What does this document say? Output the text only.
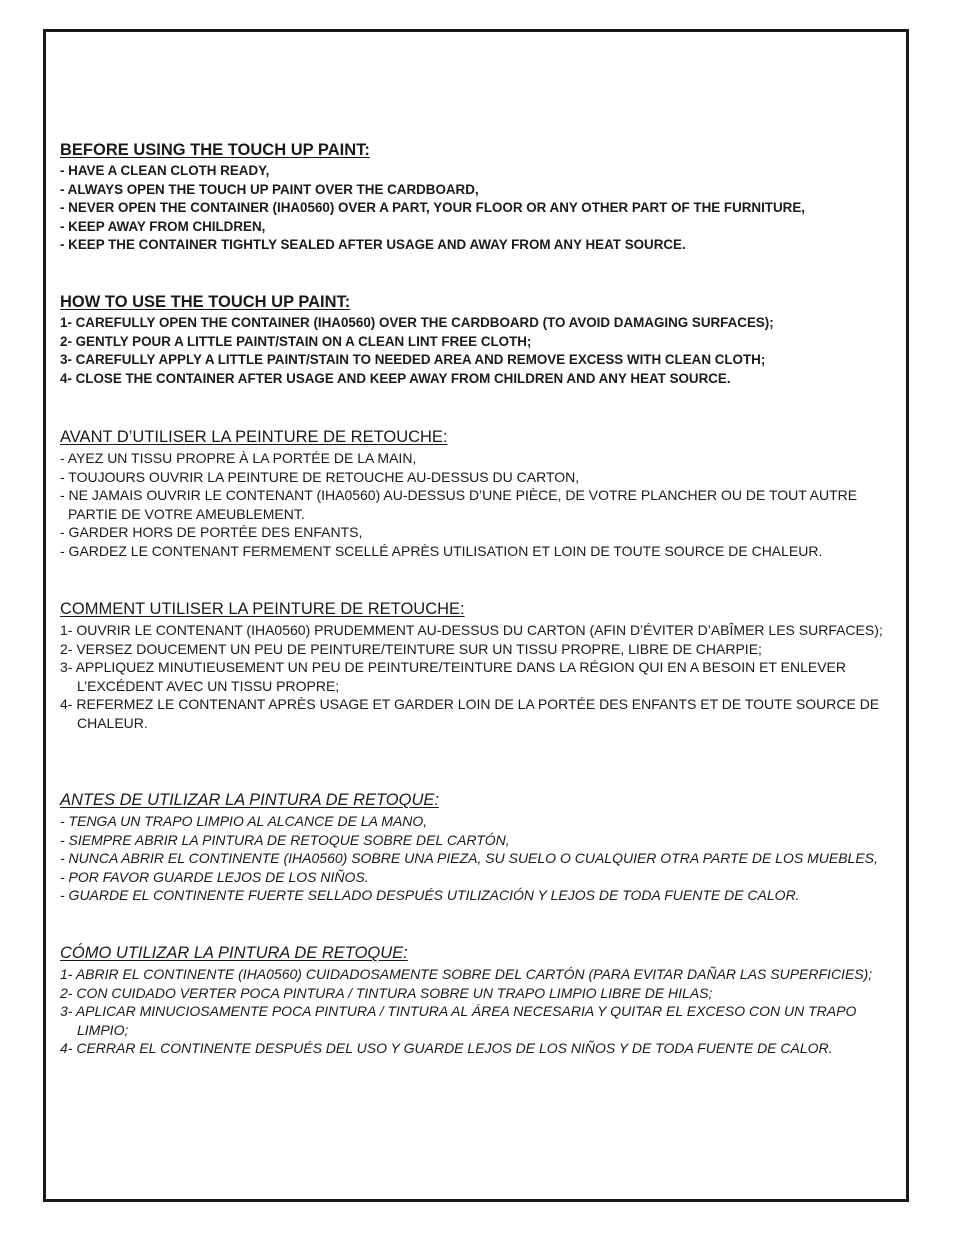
BEFORE USING THE TOUCH UP PAINT:
- HAVE A CLEAN CLOTH READY,
- ALWAYS OPEN THE TOUCH UP PAINT OVER THE CARDBOARD,
- NEVER OPEN THE CONTAINER (IHA0560) OVER A PART, YOUR FLOOR OR ANY OTHER PART OF THE FURNITURE,
- KEEP AWAY FROM CHILDREN,
- KEEP THE CONTAINER TIGHTLY SEALED AFTER USAGE AND AWAY FROM ANY HEAT SOURCE.
HOW TO USE THE TOUCH UP PAINT:
1- CAREFULLY OPEN THE CONTAINER (IHA0560) OVER THE CARDBOARD (TO AVOID DAMAGING SURFACES);
2- GENTLY POUR A LITTLE PAINT/STAIN ON A CLEAN LINT FREE CLOTH;
3- CAREFULLY APPLY A LITTLE PAINT/STAIN TO NEEDED AREA AND REMOVE EXCESS WITH CLEAN CLOTH;
4- CLOSE THE CONTAINER AFTER USAGE AND KEEP AWAY FROM CHILDREN AND ANY HEAT SOURCE.
AVANT D’UTILISER LA PEINTURE DE RETOUCHE:
- AYEZ UN TISSU PROPRE À LA PORTÉE DE LA MAIN,
- TOUJOURS OUVRIR LA PEINTURE DE RETOUCHE AU-DESSUS DU CARTON,
- NE JAMAIS OUVRIR LE CONTENANT (IHA0560) AU-DESSUS D’UNE PIÈCE, DE VOTRE PLANCHER OU DE TOUT AUTRE PARTIE DE VOTRE AMEUBLEMENT.
- GARDER HORS DE PORTÉE DES ENFANTS,
- GARDEZ LE CONTENANT FERMEMENT SCELLÉ APRÈS UTILISATION ET LOIN DE TOUTE SOURCE DE CHALEUR.
COMMENT UTILISER LA PEINTURE DE RETOUCHE:
1- OUVRIR LE CONTENANT (IHA0560) PRUDEMMENT AU-DESSUS DU CARTON (AFIN D’ÉVITER D’ABÎMER LES SURFACES);
2- VERSEZ DOUCEMENT UN PEU DE PEINTURE/TEINTURE SUR UN TISSU PROPRE, LIBRE DE CHARPIE;
3- APPLIQUEZ MINUTIEUSEMENT UN PEU DE PEINTURE/TEINTURE DANS LA RÉGION QUI EN A BESOIN ET ENLEVER L’EXCÉDENT AVEC UN TISSU PROPRE;
4- REFERMEZ LE CONTENANT APRÈS USAGE ET GARDER LOIN DE LA PORTÉE DES ENFANTS ET DE TOUTE SOURCE DE CHALEUR.
ANTES DE UTILIZAR LA PINTURA DE RETOQUE:
- TENGA UN TRAPO LIMPIO AL ALCANCE DE LA MANO,
- SIEMPRE ABRIR LA PINTURA DE RETOQUE SOBRE DEL CARTÓN,
- NUNCA ABRIR EL CONTINENTE (IHA0560) SOBRE UNA PIEZA, SU SUELO O CUALQUIER OTRA PARTE DE LOS MUEBLES,
- POR FAVOR GUARDE LEJOS DE LOS NIÑOS.
- GUARDE EL CONTINENTE FUERTE SELLADO DESPUÉS UTILIZACIÓN Y LEJOS DE TODA FUENTE DE CALOR.
CÓMO UTILIZAR LA PINTURA DE RETOQUE:
1- ABRIR EL CONTINENTE (IHA0560) CUIDADOSAMENTE SOBRE DEL CARTÓN (PARA EVITAR DAÑAR LAS SUPERFICIES);
2- CON CUIDADO VERTER POCA PINTURA / TINTURA SOBRE UN TRAPO LIMPIO LIBRE DE HILAS;
3- APLICAR MINUCIOSAMENTE POCA PINTURA / TINTURA AL ÁREA NECESARIA Y QUITAR EL EXCESO CON UN TRAPO LIMPIO;
4- CERRAR EL CONTINENTE DESPUÉS DEL USO Y GUARDE LEJOS DE LOS NIÑOS Y DE TODA FUENTE DE CALOR.
